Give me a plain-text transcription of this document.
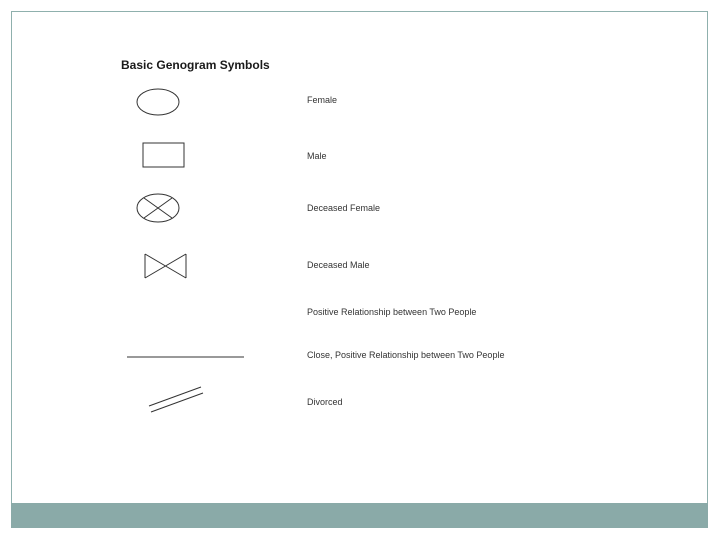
Basic Genogram Symbols
Female
Male
Deceased Female
Deceased Male
Positive Relationship between Two People
Close, Positive Relationship between Two People
Divorced
